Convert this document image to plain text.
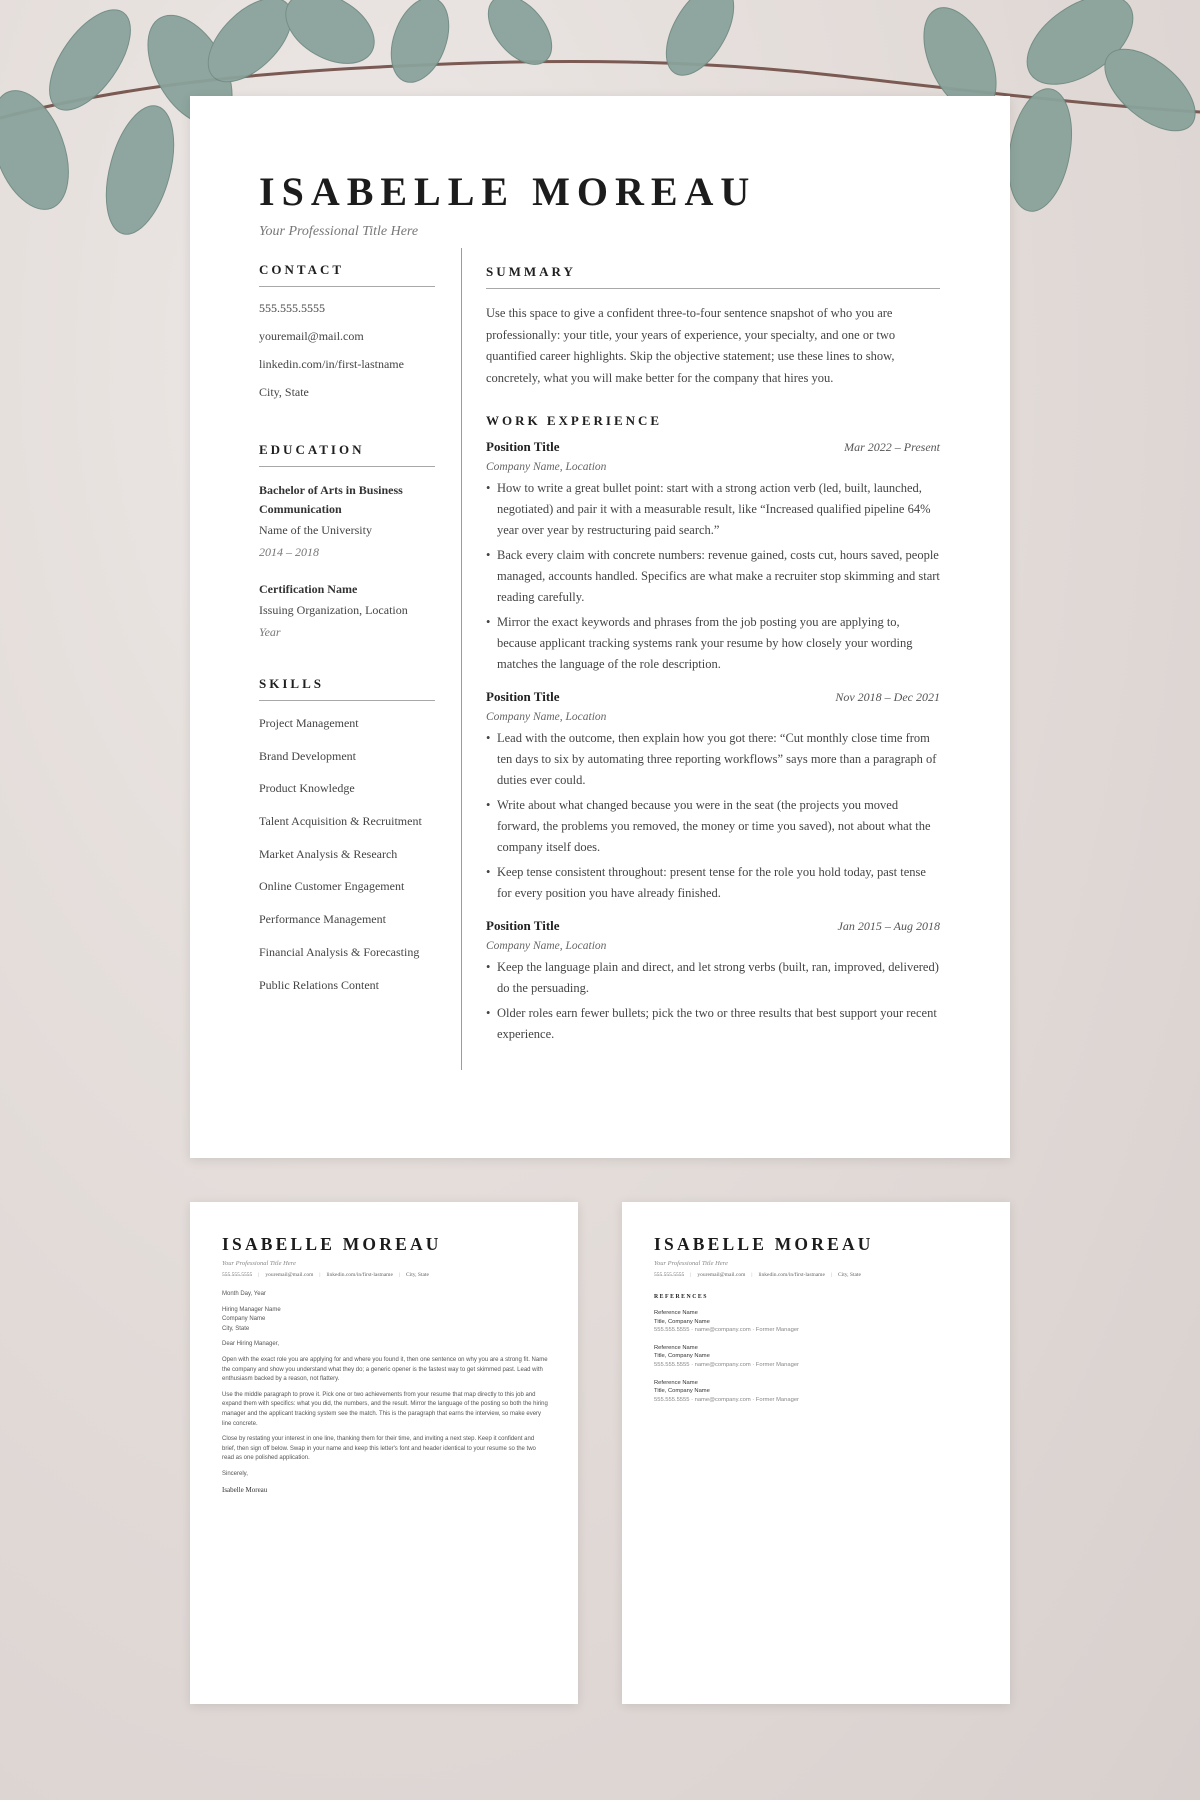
ISABELLE MOREAU

Your Professional Title Here

CONTACT

555.555.5555

youremail@mail.com

linkedin.com/in/first-lastname

City, State

EDUCATION

Bachelor of Arts in Business Communication

Name of the University

2014 – 2018

Certification Name

Issuing Organization, Location

Year

SKILLS

Project Management

Brand Development

Product Knowledge

Talent Acquisition & Recruitment

Market Analysis & Research

Online Customer Engagement

Performance Management

Financial Analysis & Forecasting

Public Relations Content

SUMMARY

Use this space to give a confident three-to-four sentence snapshot of who you are professionally: your title, your years of experience, your specialty, and one or two quantified career highlights. Skip the objective statement; use these lines to show, concretely, what you will make better for the company that hires you.

WORK EXPERIENCE
Position Title	Mar 2022 – Present

Company Name, Location

• How to write a great bullet point: start with a strong action verb (led, built, launched, negotiated) and pair it with a measurable result, like “Increased qualified pipeline 64% year over year by restructuring paid search.”
• Back every claim with concrete numbers: revenue gained, costs cut, hours saved, people managed, accounts handled. Specifics are what make a recruiter stop skimming and start reading carefully.
• Mirror the exact keywords and phrases from the job posting you are applying to, because applicant tracking systems rank your resume by how closely your wording matches the language of the role description.
Position Title	Nov 2018 – Dec 2021

Company Name, Location

• Lead with the outcome, then explain how you got there: “Cut monthly close time from ten days to six by automating three reporting workflows” says more than a paragraph of duties ever could.
• Write about what changed because you were in the seat (the projects you moved forward, the problems you removed, the money or time you saved), not about what the company itself does.
• Keep tense consistent throughout: present tense for the role you hold today, past tense for every position you have already finished.
Position Title	Jan 2015 – Aug 2018

Company Name, Location

• Keep the language plain and direct, and let strong verbs (built, ran, improved, delivered) do the persuading.
• Older roles earn fewer bullets; pick the two or three results that best support your recent experience.
ISABELLE MOREAU

Your Professional Title Here

555.555.5555 | youremail@mail.com | linkedin.com/in/first-lastname | City, State

Month Day, Year

Hiring Manager Name
Company Name
City, State

Dear Hiring Manager,

Open with the exact role you are applying for and where you found it, then one sentence on why you are a strong fit. Name the company and show you understand what they do; a generic opener is the fastest way to get skimmed past. Lead with enthusiasm backed by a reason, not flattery.

Use the middle paragraph to prove it. Pick one or two achievements from your resume that map directly to this job and expand them with specifics: what you did, the numbers, and the result. Mirror the language of the posting so both the hiring manager and the applicant tracking system see the match. This is the paragraph that earns the interview, so make every line concrete.

Close by restating your interest in one line, thanking them for their time, and inviting a next step. Keep it confident and brief, then sign off below. Swap in your name and keep this letter's font and header identical to your resume so the two read as one polished application.

Sincerely,

Isabelle Moreau

ISABELLE MOREAU

Your Professional Title Here

555.555.5555 | youremail@mail.com | linkedin.com/in/first-lastname | City, State

REFERENCES
Reference Name
Title, Company Name
555.555.5555 · name@company.com · Former Manager
Reference Name
Title, Company Name
555.555.5555 · name@company.com · Former Manager
Reference Name
Title, Company Name
555.555.5555 · name@company.com · Former Manager
